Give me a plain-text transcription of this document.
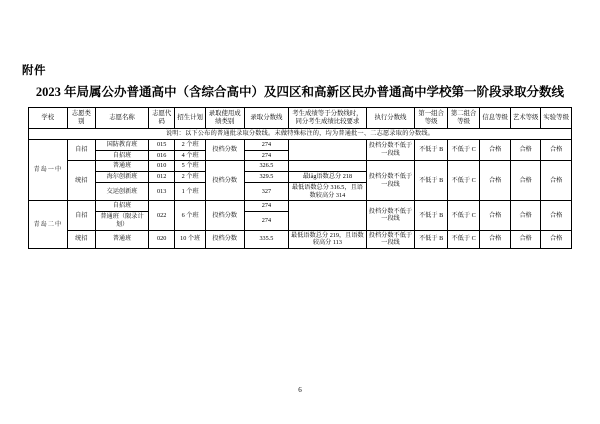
附件
2023 年局属公办普通高中（含综合高中）及四区和高新区民办普通高中学校第一阶段录取分数线
学校	志愿类别	志愿名称	志愿代码	招生计划	录取使用成绩类别	录取分数线	考生成绩等于分数线时，同分考生成绩比较要求	执行分数线	第一组合等级	第二组合等级	信息等级	艺术等级	实验等级
说明：以下公布的普通批录取分数线。未做特殊标注的，均为普通批一、二志愿录取的分数线。													
青岛一中	自招	国防教育班	015	2 个班	投档分数	274		投档分数不低于一段线	不低于 B	不低于 C	合格	合格	合格
		自招班	016	4 个班		274							
	统招	普通班	010	5 个班	投档分数	326.5		投档分数不低于一段线	不低于 B	不低于 C	合格	合格	合格
		海尔创新班	012	2 个班		329.5	最låg语数总分 218						
		交运创新班	013	1 个班		327	最低语数总分 316.5，且语数较高分 314						
青岛二中	自招	自招班	022	6 个班	投档分数	274		投档分数不低于一段线	不低于 B	不低于 C	合格	合格	合格
		普通班（限录计划）				274							
	统招	普通班	020	10 个班	投档分数	335.5	最低语数总分 219，且语数较高分 113	投档分数不低于一段线	不低于 B	不低于 C	合格	合格	合格
6
